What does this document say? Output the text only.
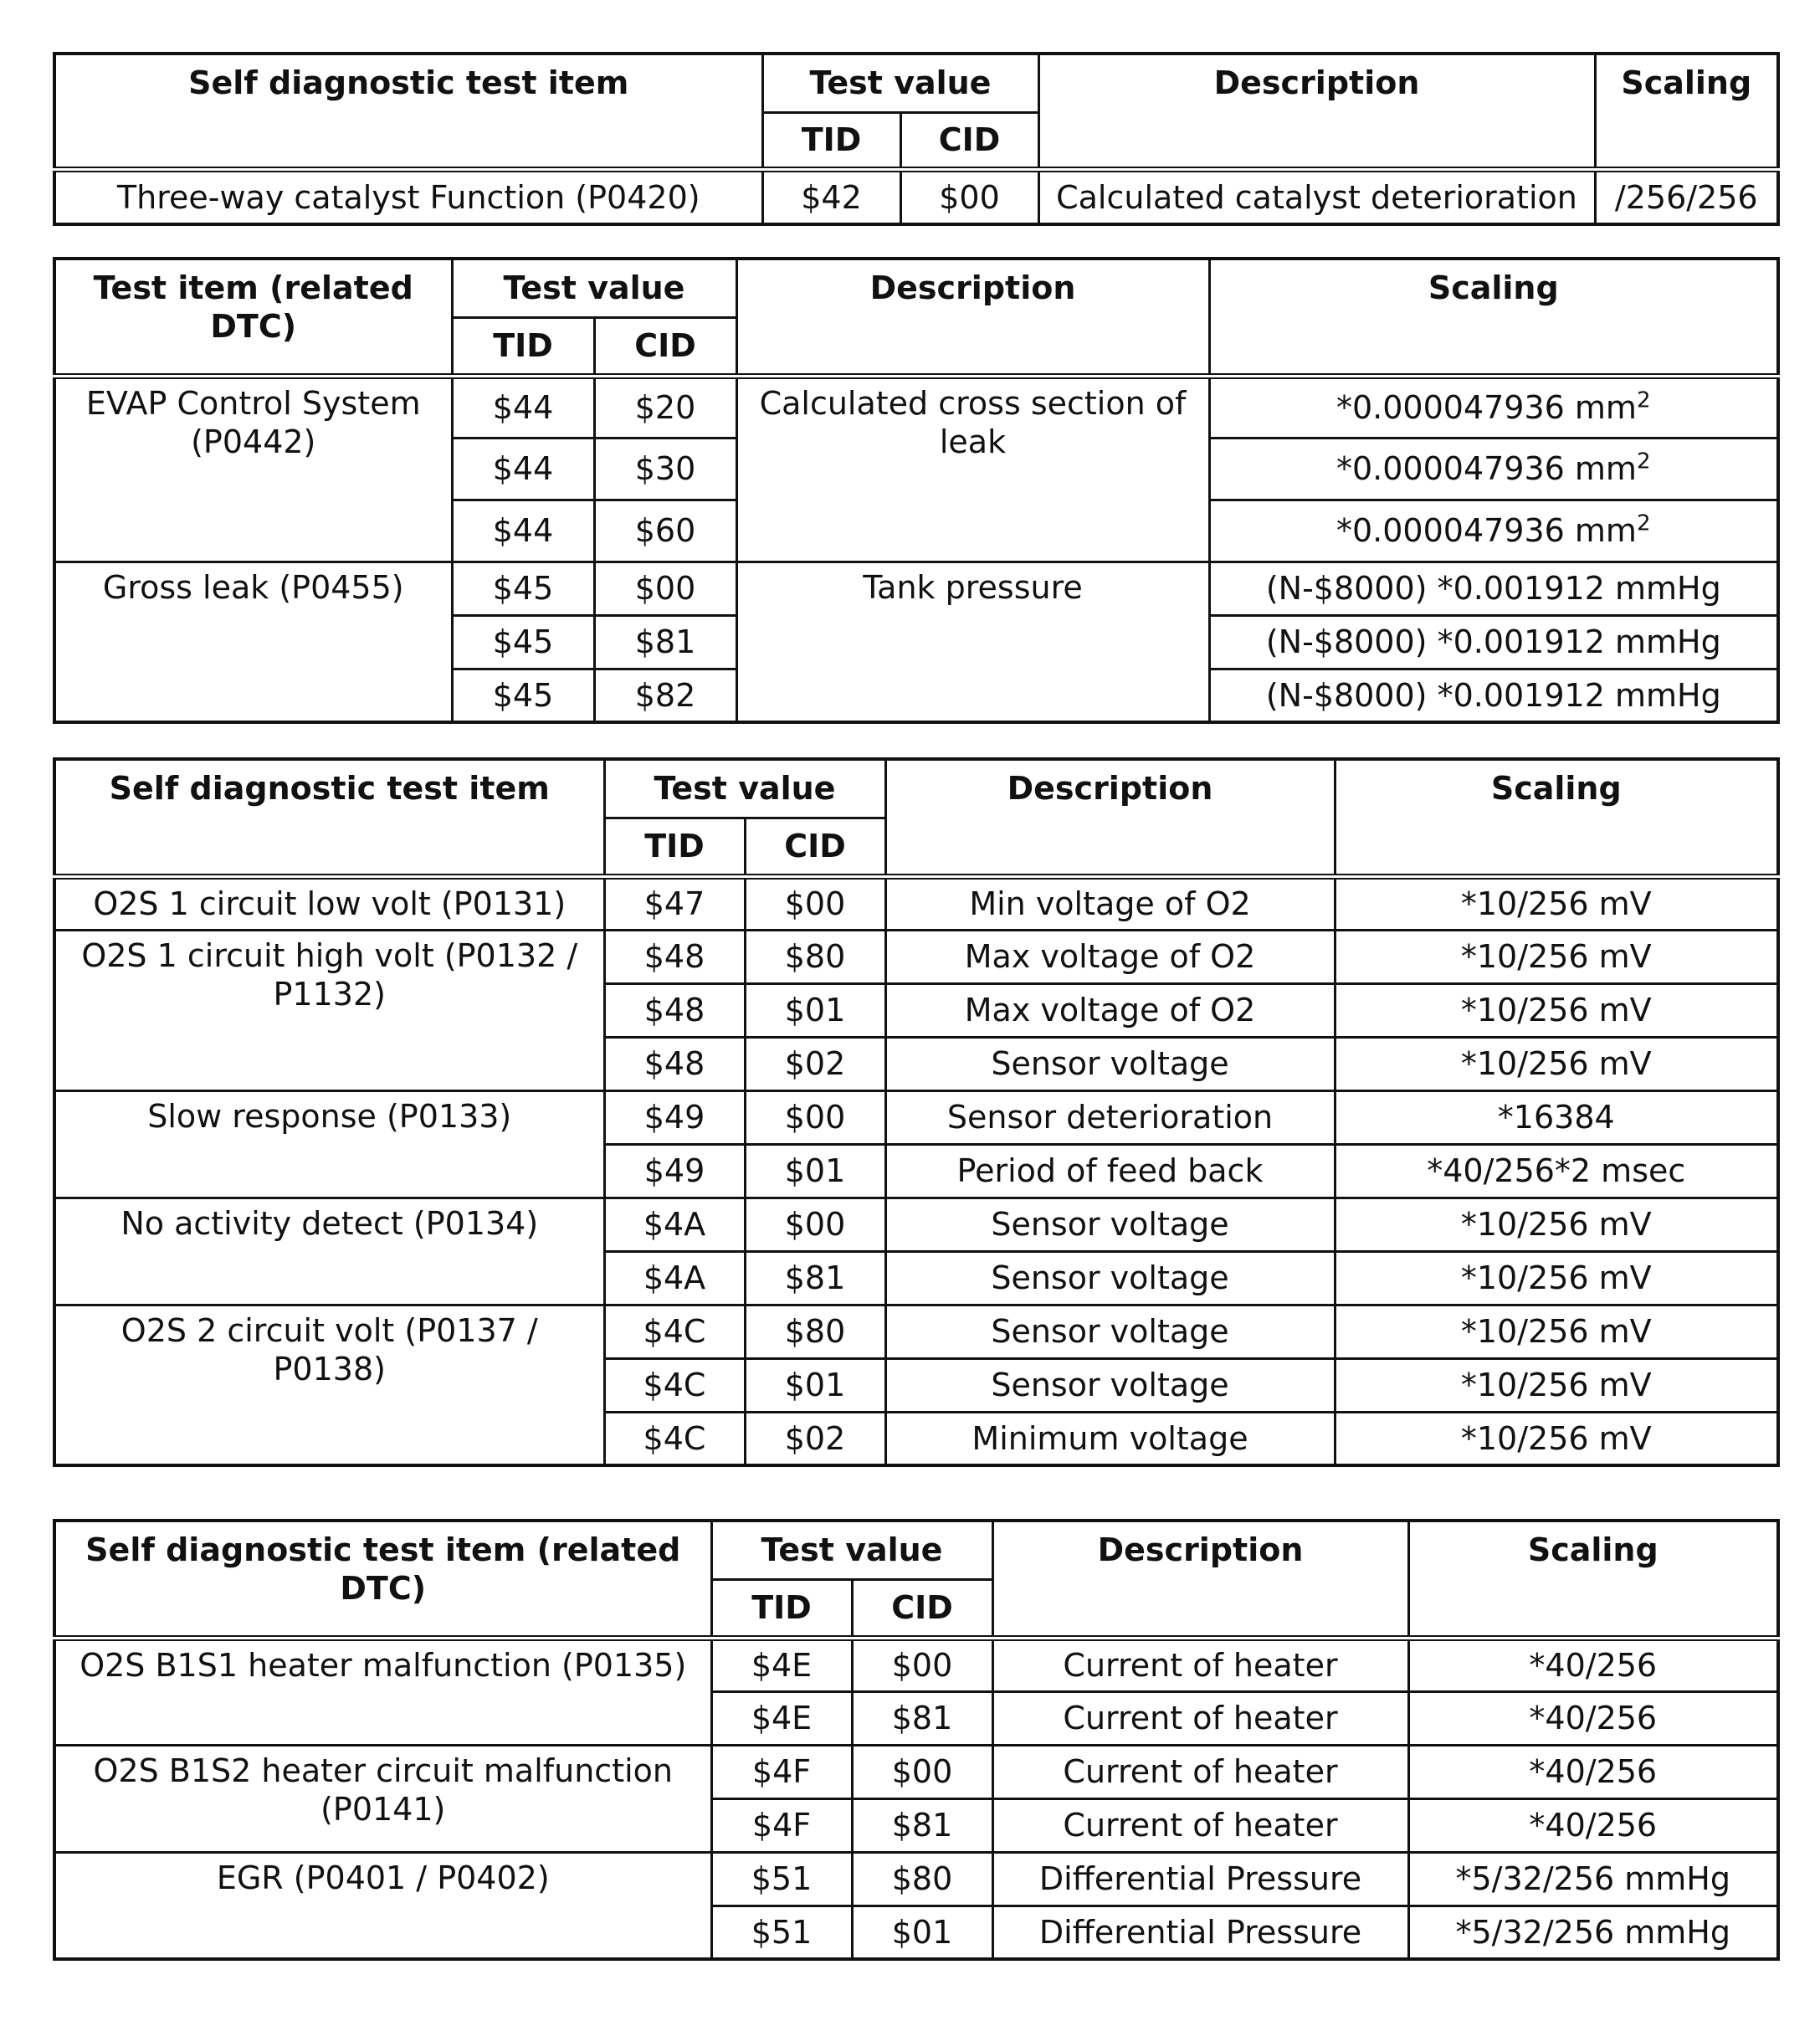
Self diagnostic test item	Test value		Description	Scaling
	TID	CID		
Three-way catalyst Function (P0420)	$42	$00	Calculated catalyst deterioration	/256/256
Test item (related DTC)	Test value		Description	Scaling
	TID	CID		
EVAP Control System (P0442)	$44	$20	Calculated cross section of leak	*0.000047936 $mm^2$
	$44	$30		*0.000047936 $mm^2$
	$44	$60		*0.000047936 $mm^2$
Gross leak (P0455)	$45	$00	Tank pressure	(N-$8000) *0.001912 mmHg
	$45	$81		(N-$8000) *0.001912 mmHg
	$45	$82		(N-$8000) *0.001912 mmHg
Self diagnostic test item	Test value		Description	Scaling
	TID	CID		
O2S 1 circuit low volt (P0131)	$47	$00	Min voltage of O2	*10/256 mV
O2S 1 circuit high volt (P0132 / P1132)	$48	$80	Max voltage of O2	*10/256 mV
	$48	$01	Max voltage of O2	*10/256 mV
	$48	$02	Sensor voltage	*10/256 mV
Slow response (P0133)	$49	$00	Sensor deterioration	*16384
	$49	$01	Period of feed back	*40/256*2 msec
No activity detect (P0134)	$4A	$00	Sensor voltage	*10/256 mV
	$4A	$81	Sensor voltage	*10/256 mV
O2S 2 circuit volt (P0137 / P0138)	$4C	$80	Sensor voltage	*10/256 mV
	$4C	$01	Sensor voltage	*10/256 mV
	$4C	$02	Minimum voltage	*10/256 mV
Self diagnostic test item (related DTC)	Test value		Description	Scaling
	TID	CID		
O2S B1S1 heater malfunction (P0135)	$4E	$00	Current of heater	*40/256
	$4E	$81	Current of heater	*40/256
O2S B1S2 heater circuit malfunction (P0141)	$4F	$00	Current of heater	*40/256
	$4F	$81	Current of heater	*40/256
EGR (P0401 / P0402)	$51	$80	Differential Pressure	*5/32/256 mmHg
	$51	$01	Differential Pressure	*5/32/256 mmHg
